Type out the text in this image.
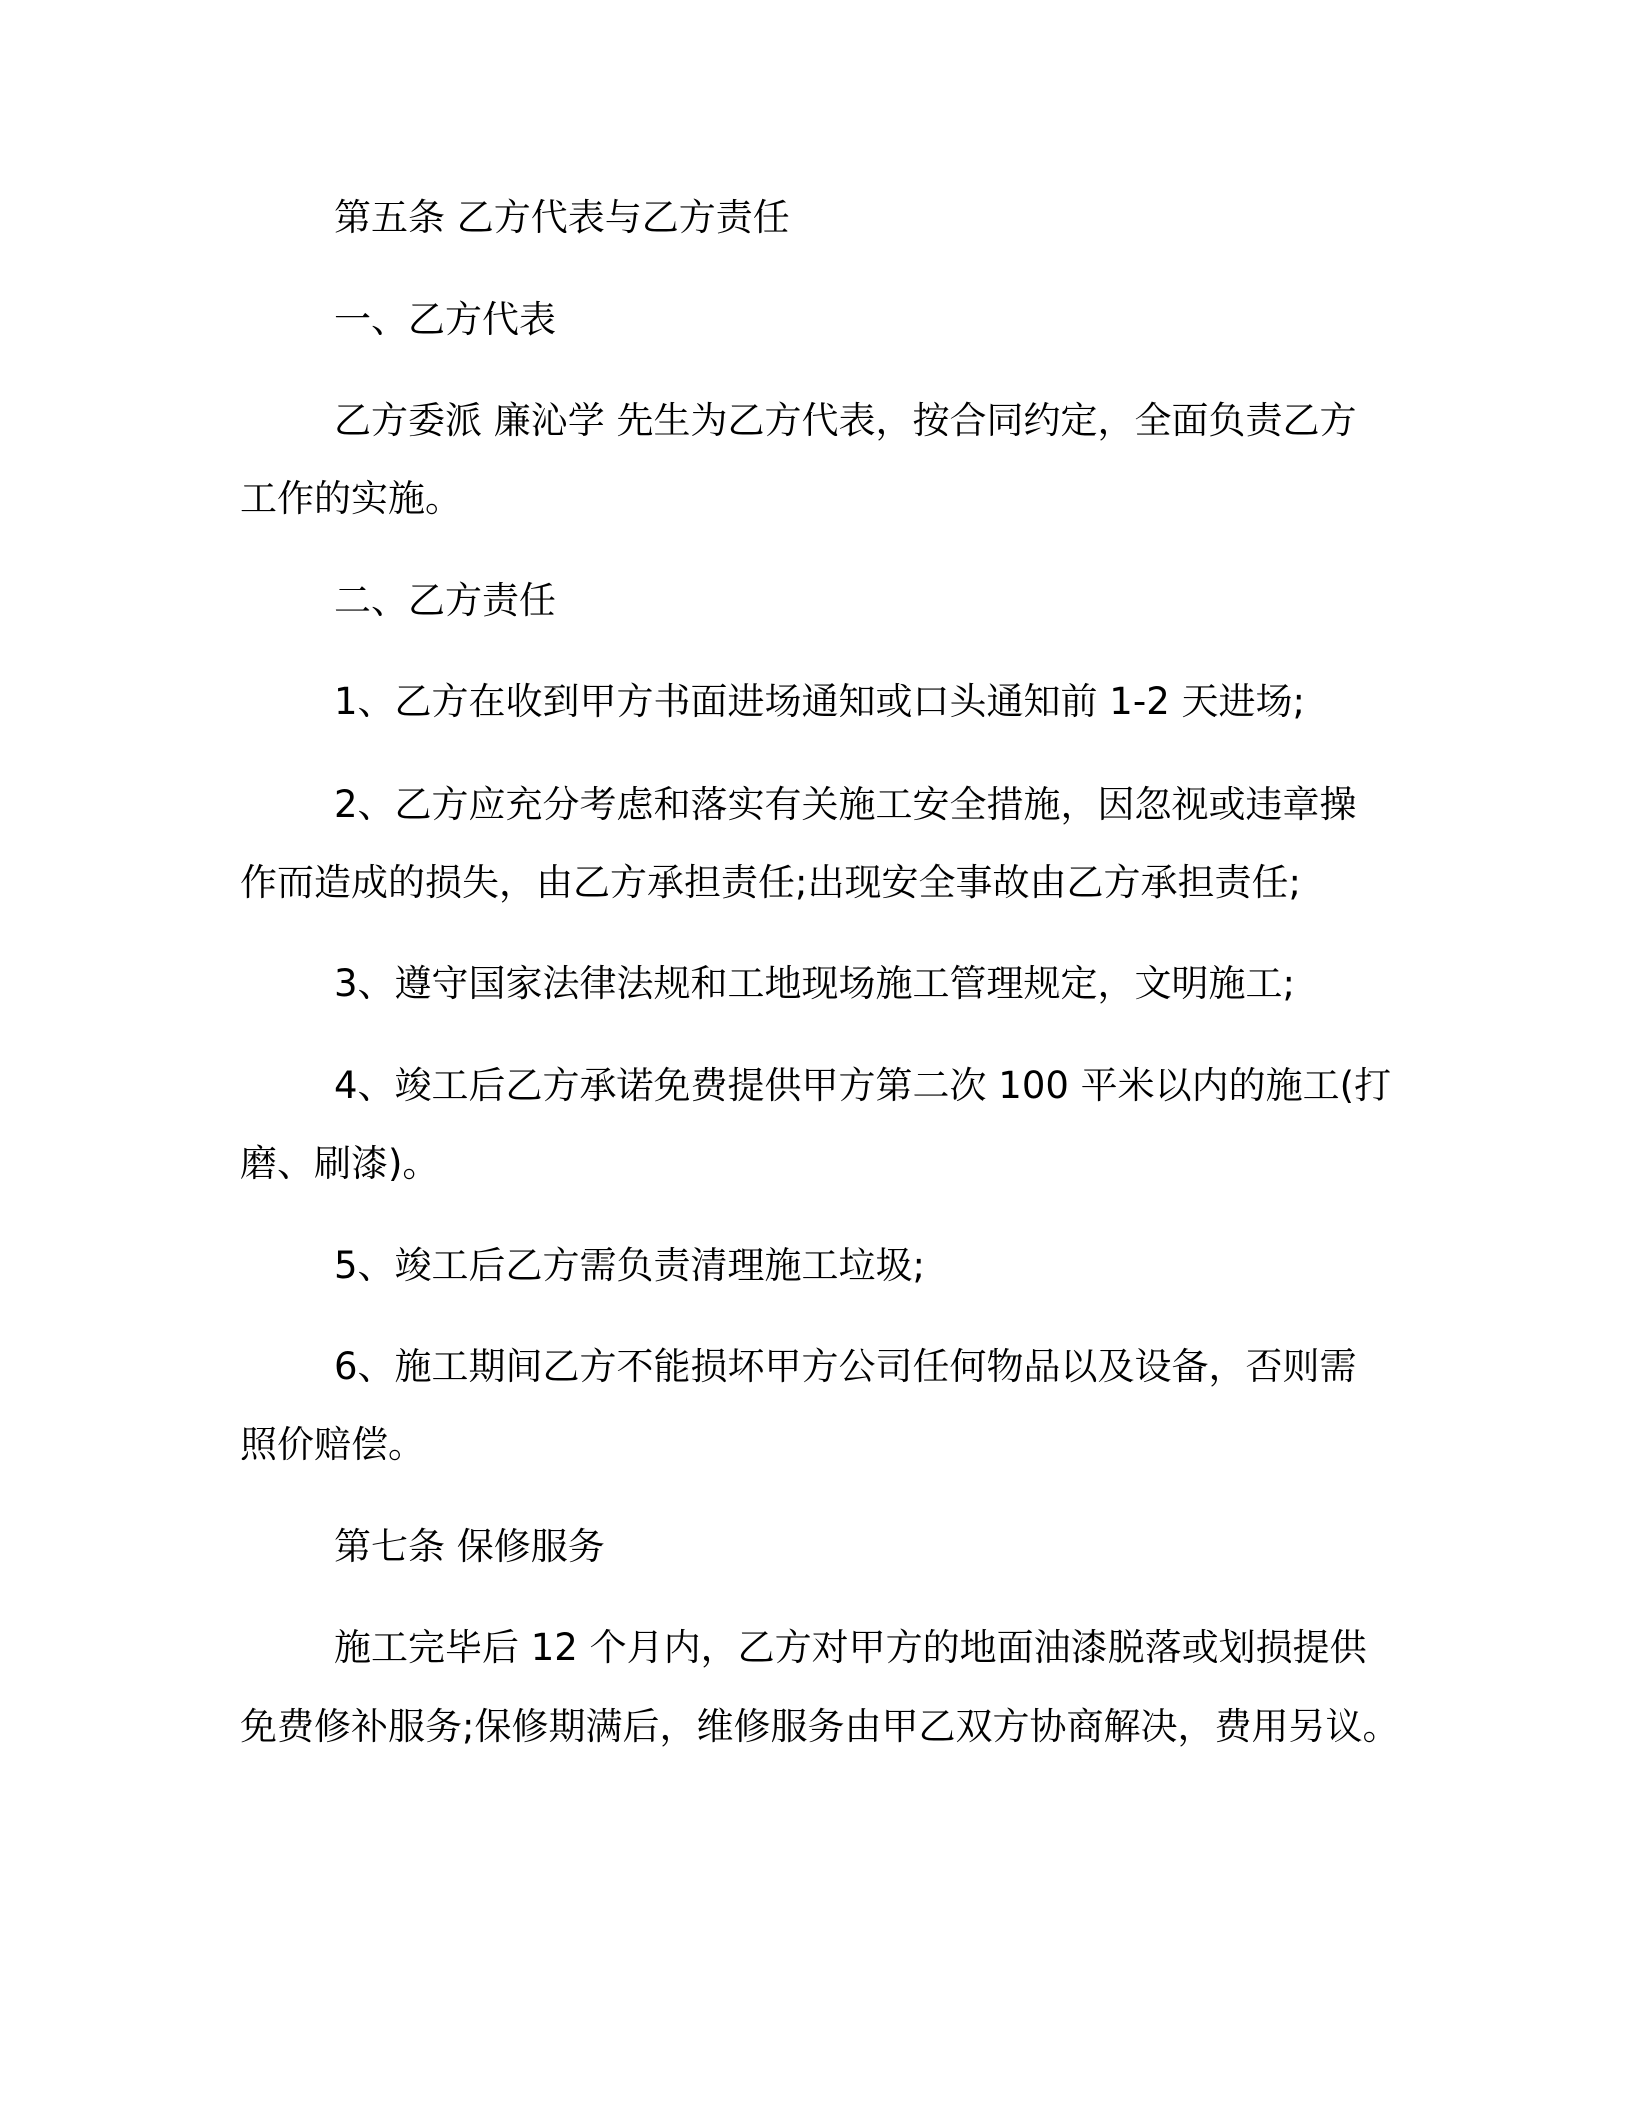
第五条 乙方代表与乙方责任
一、乙方代表
乙方委派 廉沁学 先生为乙方代表，按合同约定，全面负责乙方
工作的实施。
二、乙方责任
1、乙方在收到甲方书面进场通知或口头通知前 1-2 天进场;
2、乙方应充分考虑和落实有关施工安全措施，因忽视或违章操
作而造成的损失，由乙方承担责任;出现安全事故由乙方承担责任;
3、遵守国家法律法规和工地现场施工管理规定，文明施工;
4、竣工后乙方承诺免费提供甲方第二次 100 平米以内的施工(打
磨、刷漆)。
5、竣工后乙方需负责清理施工垃圾;
6、施工期间乙方不能损坏甲方公司任何物品以及设备，否则需
照价赔偿。
第七条 保修服务
施工完毕后 12 个月内，乙方对甲方的地面油漆脱落或划损提供
免费修补服务;保修期满后，维修服务由甲乙双方协商解决，费用另议。
